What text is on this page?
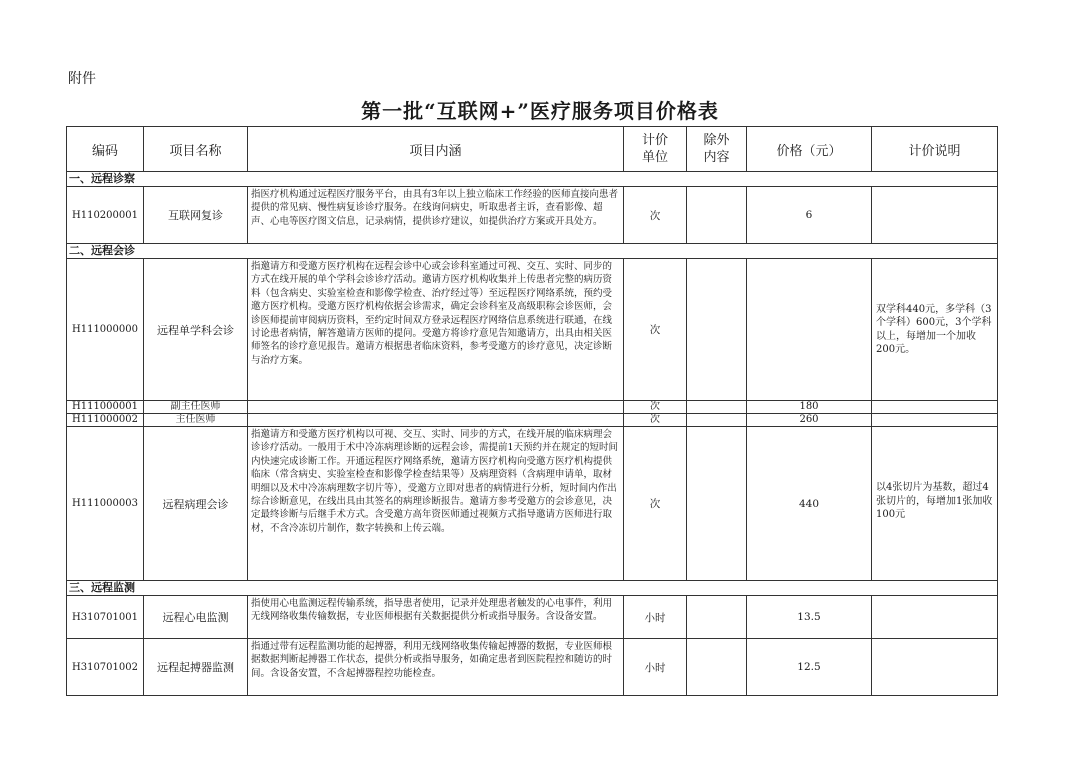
附件
第一批“互联网+”医疗服务项目价格表
编码	项目名称	项目内涵	计价单位	除外内容	价格（元）	计价说明
一、远程诊察						
H110200001	互联网复诊	指医疗机构通过远程医疗服务平台，由具有3年以上独立临床工作经验的医师直接向患者提供的常见病、慢性病复诊诊疗服务。在线询问病史，听取患者主诉，查看影像、超声、心电等医疗图文信息，记录病情，提供诊疗建议，如提供治疗方案或开具处方。	次		6	
二、远程会诊						
H111000000	远程单学科会诊	指邀请方和受邀方医疗机构在远程会诊中心或会诊科室通过可视、交互、实时、同步的方式在线开展的单个学科会诊诊疗活动。邀请方医疗机构收集并上传患者完整的病历资料（包含病史、实验室检查和影像学检查、治疗经过等）至远程医疗网络系统，预约受邀方医疗机构。受邀方医疗机构依据会诊需求，确定会诊科室及高级职称会诊医师，会诊医师提前审阅病历资料，至约定时间双方登录远程医疗网络信息系统进行联通，在线讨论患者病情，解答邀请方医师的提问。受邀方将诊疗意见告知邀请方，出具由相关医师签名的诊疗意见报告。邀请方根据患者临床资料，参考受邀方的诊疗意见，决定诊断与治疗方案。	次			双学科440元，多学科（3个学科）600元，3个学科以上，每增加一个加收200元。
H111000001	副主任医师		次		180	
H111000002	主任医师		次		260	
H111000003	远程病理会诊	指邀请方和受邀方医疗机构以可视、交互、实时、同步的方式，在线开展的临床病理会诊诊疗活动。一般用于术中冷冻病理诊断的远程会诊，需提前1天预约并在规定的短时间内快速完成诊断工作。开通远程医疗网络系统，邀请方医疗机构向受邀方医疗机构提供临床（常含病史、实验室检查和影像学检查结果等）及病理资料（含病理申请单，取材明细以及术中冷冻病理数字切片等），受邀方立即对患者的病情进行分析，短时间内作出综合诊断意见，在线出具由其签名的病理诊断报告。邀请方参考受邀方的会诊意见，决定最终诊断与后继手术方式。含受邀方高年资医师通过视频方式指导邀请方医师进行取材，不含冷冻切片制作，数字转换和上传云端。	次		440	以4张切片为基数，超过4张切片的，每增加1张加收100元
三、远程监测						
H310701001	远程心电监测	指使用心电监测远程传输系统，指导患者使用，记录并处理患者触发的心电事件，利用无线网络收集传输数据，专业医师根据有关数据提供分析或指导服务。含设备安置。	小时		13.5	
H310701002	远程起搏器监测	指通过带有远程监测功能的起搏器，利用无线网络收集传输起搏器的数据，专业医师根据数据判断起搏器工作状态，提供分析或指导服务，如确定患者到医院程控和随访的时间。含设备安置，不含起搏器程控功能检查。	小时		12.5	
